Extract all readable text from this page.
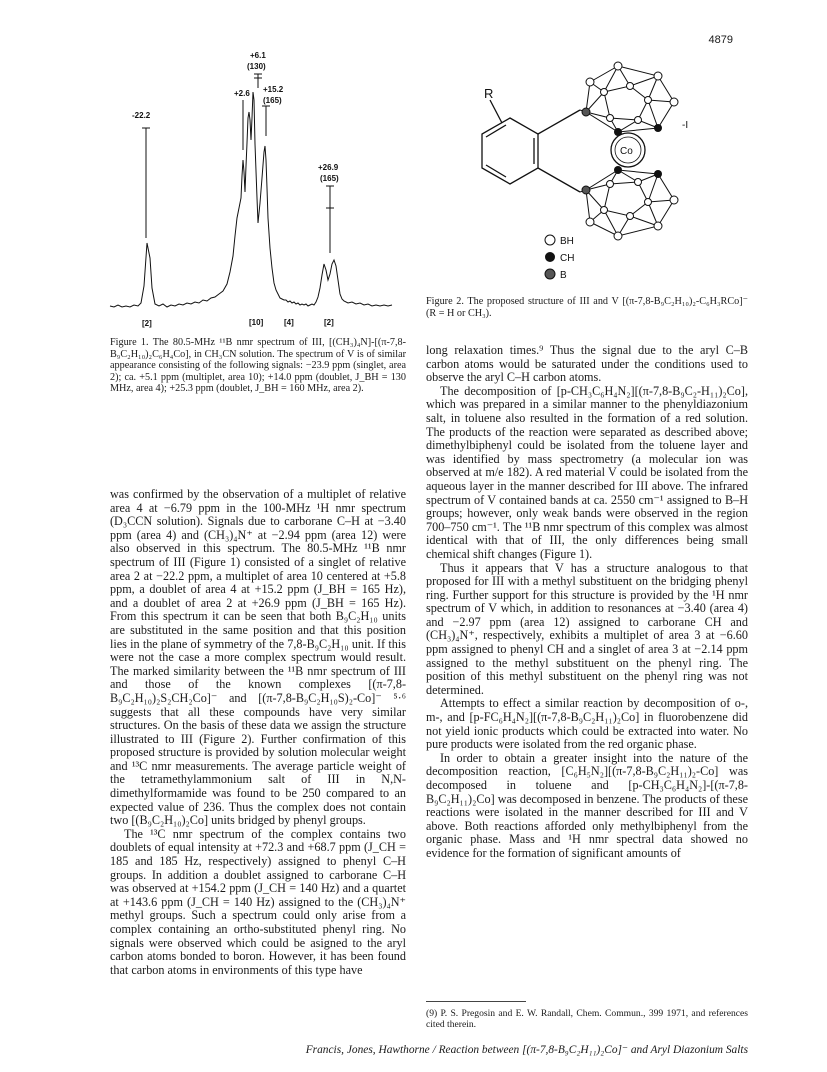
4879
-22.2
+2.6
+6.1
(130)
+15.2
(165)
+26.9
(165)
[2]	[10]	[4]	[2]
Figure 1. The 80.5-MHz ¹¹B nmr spectrum of III, [(CH₃)₄N]-[(π-7,8-B₉C₂H₁₀)₂C₆H₄Co], in CH₃CN solution. The spectrum of V is of similar appearance consisting of the following signals: −23.9 ppm (singlet, area 2); ca. +5.1 ppm (multiplet, area 10); +14.0 ppm (doublet, J_BH = 130 MHz, area 4); +25.3 ppm (doublet, J_BH = 160 MHz, area 2).
R
Co
-I
BH
CH
B
Figure 2. The proposed structure of III and V [(π-7,8-B₉C₂H₁₀)₂-C₆H₃RCo]⁻ (R = H or CH₃).

was confirmed by the observation of a multiplet of relative area 4 at −6.79 ppm in the 100-MHz ¹H nmr spectrum (D₃CCN solution). Signals due to carborane C–H at −3.40 ppm (area 4) and (CH₃)₄N⁺ at −2.94 ppm (area 12) were also observed in this spectrum. The 80.5-MHz ¹¹B nmr spectrum of III (Figure 1) consisted of a singlet of relative area 2 at −22.2 ppm, a multiplet of area 10 centered at +5.8 ppm, a doublet of area 4 at +15.2 ppm (J_BH = 165 Hz), and a doublet of area 2 at +26.9 ppm (J_BH = 165 Hz). From this spectrum it can be seen that both B₉C₂H₁₀ units are substituted in the same position and that this position lies in the plane of symmetry of the 7,8-B₉C₂H₁₀ unit. If this were not the case a more complex spectrum would result. The marked similarity between the ¹¹B nmr spectrum of III and those of the known complexes [(π-7,8-B₉C₂H₁₀)₂S₂CH₂Co]⁻ and [(π-7,8-B₉C₂H₁₀S)₂-Co]⁻ ⁵·⁶ suggests that all these compounds have very similar structures. On the basis of these data we assign the structure illustrated to III (Figure 2). Further confirmation of this proposed structure is provided by solution molecular weight and ¹³C nmr measurements. The average particle weight of the tetramethylammonium salt of III in N,N-dimethylformamide was found to be 250 compared to an expected value of 236. Thus the complex does not contain two [(B₉C₂H₁₀)₂Co] units bridged by phenyl groups.

The ¹³C nmr spectrum of the complex contains two doublets of equal intensity at +72.3 and +68.7 ppm (J_CH = 185 and 185 Hz, respectively) assigned to phenyl C–H groups. In addition a doublet assigned to carborane C–H was observed at +154.2 ppm (J_CH = 140 Hz) and a quartet at +143.6 ppm (J_CH = 140 Hz) assigned to the (CH₃)₄N⁺ methyl groups. Such a spectrum could only arise from a complex containing an ortho-substituted phenyl ring. No signals were observed which could be asigned to the aryl carbon atoms bonded to boron. However, it has been found that carbon atoms in environments of this type have

long relaxation times.⁹ Thus the signal due to the aryl C–B carbon atoms would be saturated under the conditions used to observe the aryl C–H carbon atoms.

The decomposition of [p-CH₃C₆H₄N₂][(π-7,8-B₉C₂-H₁₁)₂Co], which was prepared in a similar manner to the phenyldiazonium salt, in toluene also resulted in the formation of a red solution. The products of the reaction were separated as described above; dimethylbiphenyl could be isolated from the toluene layer and was identified by mass spectrometry (a molecular ion was observed at m/e 182). A red material V could be isolated from the aqueous layer in the manner described for III above. The infrared spectrum of V contained bands at ca. 2550 cm⁻¹ assigned to B–H groups; however, only weak bands were observed in the region 700–750 cm⁻¹. The ¹¹B nmr spectrum of this complex was almost identical with that of III, the only differences being small chemical shift changes (Figure 1).

Thus it appears that V has a structure analogous to that proposed for III with a methyl substituent on the bridging phenyl ring. Further support for this structure is provided by the ¹H nmr spectrum of V which, in addition to resonances at −3.40 (area 4) and −2.97 ppm (area 12) assigned to carborane CH and (CH₃)₄N⁺, respectively, exhibits a multiplet of area 3 at −6.60 ppm assigned to phenyl CH and a singlet of area 3 at −2.14 ppm assigned to the methyl substituent on the phenyl ring. The position of this methyl substituent on the phenyl ring was not determined.

Attempts to effect a similar reaction by decomposition of o-, m-, and [p-FC₆H₄N₂][(π-7,8-B₉C₂H₁₁)₂Co] in fluorobenzene did not yield ionic products which could be extracted into water. No pure products were isolated from the red organic phase.

In order to obtain a greater insight into the nature of the decomposition reaction, [C₆H₅N₂][(π-7,8-B₉C₂H₁₁)₂-Co] was decomposed in toluene and [p-CH₃C₆H₄N₂]-[(π-7,8-B₉C₂H₁₁)₂Co] was decomposed in benzene. The products of these reactions were isolated in the manner described for III and V above. Both reactions afforded only methylbiphenyl from the organic phase. Mass and ¹H nmr spectral data showed no evidence for the formation of significant amounts of

(9) P. S. Pregosin and E. W. Randall, Chem. Commun., 399 1971, and references cited therein.
Francis, Jones, Hawthorne / Reaction between [(π-7,8-B₉C₂H₁₁)₂Co]⁻ and Aryl Diazonium Salts
